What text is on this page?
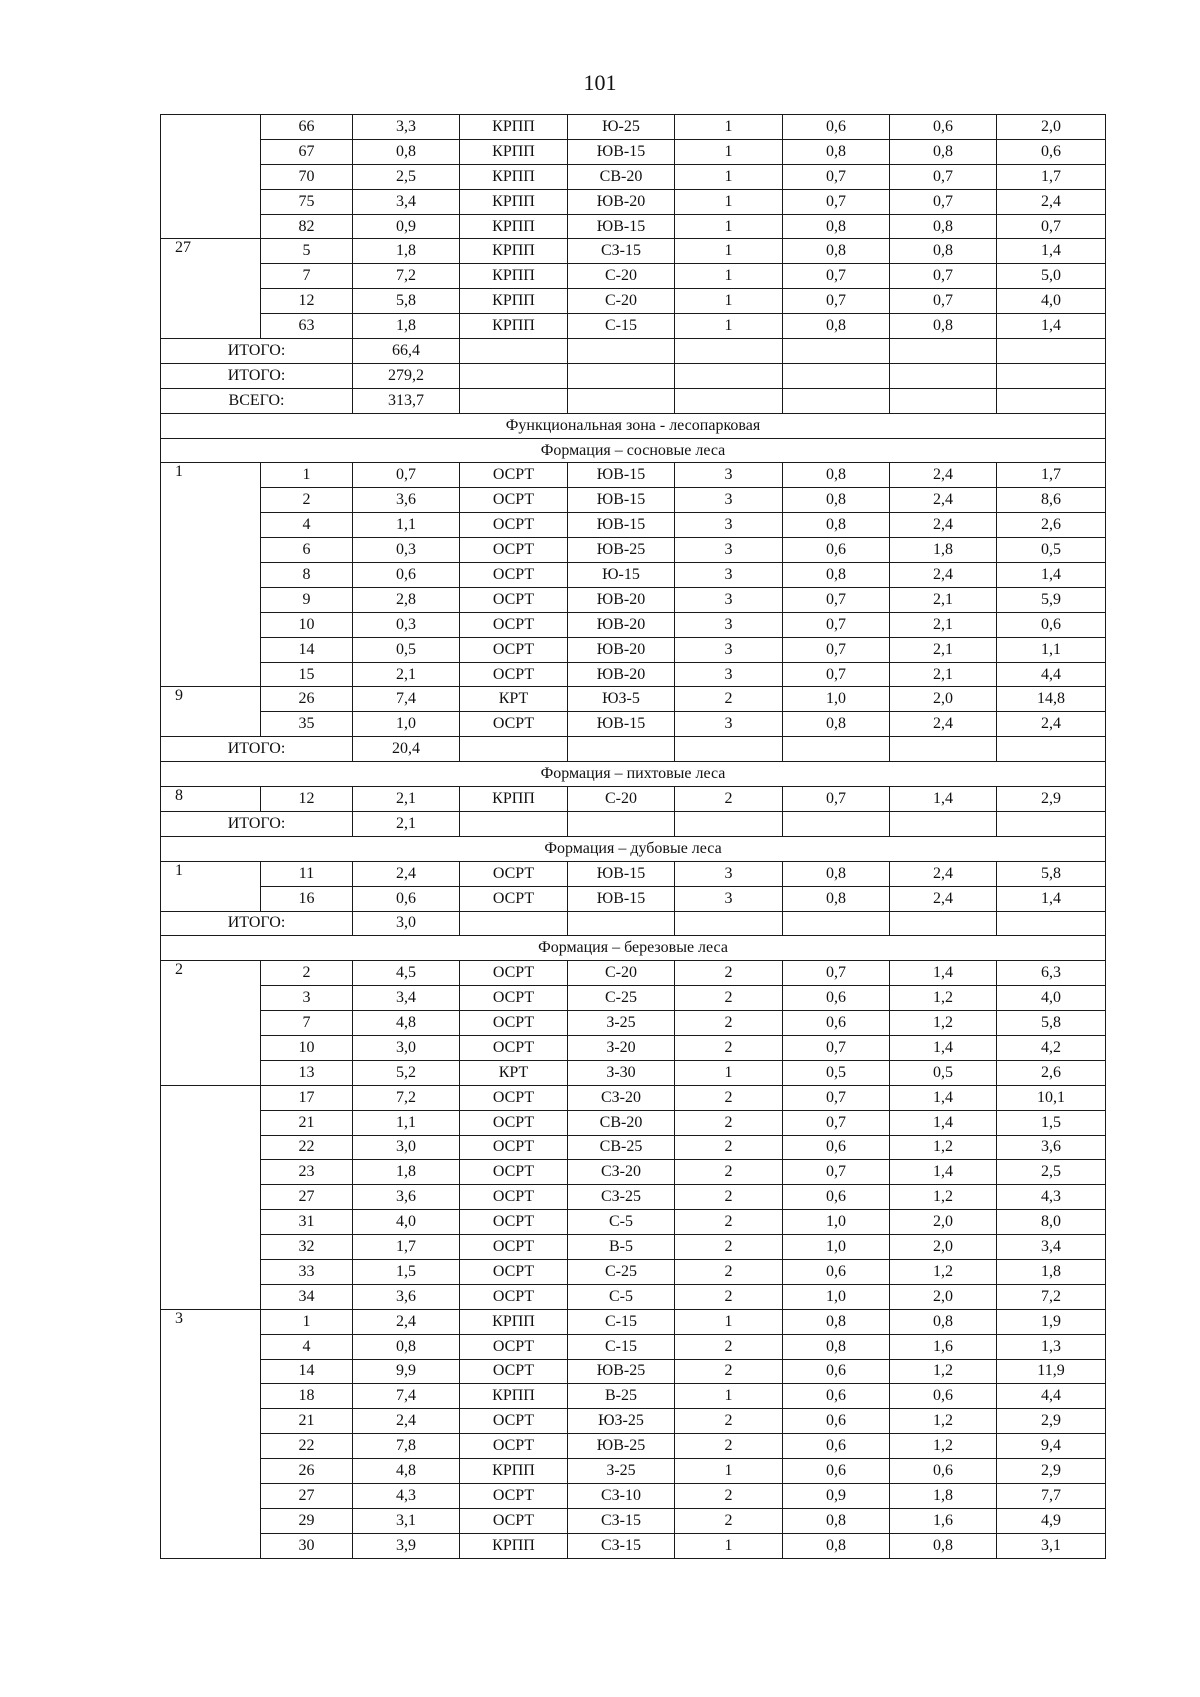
101
	66	3,3	КРПП	Ю-25	1	0,6	0,6	2,0
	67	0,8	КРПП	ЮВ-15	1	0,8	0,8	0,6
	70	2,5	КРПП	СВ-20	1	0,7	0,7	1,7
	75	3,4	КРПП	ЮВ-20	1	0,7	0,7	2,4
	82	0,9	КРПП	ЮВ-15	1	0,8	0,8	0,7
27	5	1,8	КРПП	СЗ-15	1	0,8	0,8	1,4
	7	7,2	КРПП	С-20	1	0,7	0,7	5,0
	12	5,8	КРПП	С-20	1	0,7	0,7	4,0
	63	1,8	КРПП	С-15	1	0,8	0,8	1,4
ИТОГО:		66,4						
ИТОГО:		279,2						
ВСЕГО:		313,7						
Функциональная зона - лесопарковая								
Формация – сосновые леса								
1	1	0,7	ОСРТ	ЮВ-15	3	0,8	2,4	1,7
	2	3,6	ОСРТ	ЮВ-15	3	0,8	2,4	8,6
	4	1,1	ОСРТ	ЮВ-15	3	0,8	2,4	2,6
	6	0,3	ОСРТ	ЮВ-25	3	0,6	1,8	0,5
	8	0,6	ОСРТ	Ю-15	3	0,8	2,4	1,4
	9	2,8	ОСРТ	ЮВ-20	3	0,7	2,1	5,9
	10	0,3	ОСРТ	ЮВ-20	3	0,7	2,1	0,6
	14	0,5	ОСРТ	ЮВ-20	3	0,7	2,1	1,1
	15	2,1	ОСРТ	ЮВ-20	3	0,7	2,1	4,4
9	26	7,4	КРТ	ЮЗ-5	2	1,0	2,0	14,8
	35	1,0	ОСРТ	ЮВ-15	3	0,8	2,4	2,4
ИТОГО:		20,4						
Формация – пихтовые леса								
8	12	2,1	КРПП	С-20	2	0,7	1,4	2,9
ИТОГО:		2,1						
Формация – дубовые леса								
1	11	2,4	ОСРТ	ЮВ-15	3	0,8	2,4	5,8
	16	0,6	ОСРТ	ЮВ-15	3	0,8	2,4	1,4
ИТОГО:		3,0						
Формация – березовые леса								
2	2	4,5	ОСРТ	С-20	2	0,7	1,4	6,3
	3	3,4	ОСРТ	С-25	2	0,6	1,2	4,0
	7	4,8	ОСРТ	З-25	2	0,6	1,2	5,8
	10	3,0	ОСРТ	З-20	2	0,7	1,4	4,2
	13	5,2	КРТ	З-30	1	0,5	0,5	2,6
	17	7,2	ОСРТ	СЗ-20	2	0,7	1,4	10,1
	21	1,1	ОСРТ	СВ-20	2	0,7	1,4	1,5
	22	3,0	ОСРТ	СВ-25	2	0,6	1,2	3,6
	23	1,8	ОСРТ	СЗ-20	2	0,7	1,4	2,5
	27	3,6	ОСРТ	СЗ-25	2	0,6	1,2	4,3
	31	4,0	ОСРТ	С-5	2	1,0	2,0	8,0
	32	1,7	ОСРТ	В-5	2	1,0	2,0	3,4
	33	1,5	ОСРТ	С-25	2	0,6	1,2	1,8
	34	3,6	ОСРТ	С-5	2	1,0	2,0	7,2
3	1	2,4	КРПП	С-15	1	0,8	0,8	1,9
	4	0,8	ОСРТ	С-15	2	0,8	1,6	1,3
	14	9,9	ОСРТ	ЮВ-25	2	0,6	1,2	11,9
	18	7,4	КРПП	В-25	1	0,6	0,6	4,4
	21	2,4	ОСРТ	ЮЗ-25	2	0,6	1,2	2,9
	22	7,8	ОСРТ	ЮВ-25	2	0,6	1,2	9,4
	26	4,8	КРПП	З-25	1	0,6	0,6	2,9
	27	4,3	ОСРТ	СЗ-10	2	0,9	1,8	7,7
	29	3,1	ОСРТ	СЗ-15	2	0,8	1,6	4,9
	30	3,9	КРПП	СЗ-15	1	0,8	0,8	3,1
